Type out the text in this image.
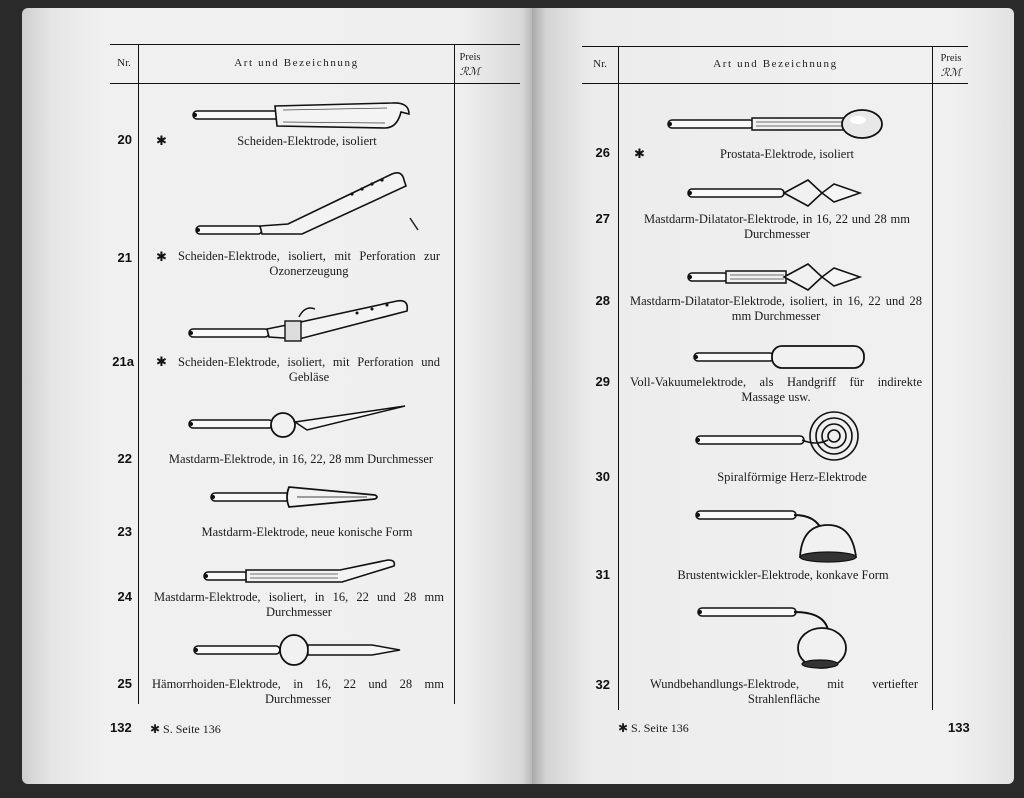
Nr.	Art und Bezeichnung	Preis
ℛℳ
20 ✱	Scheiden-Elektrode, isoliert
21 ✱ Scheiden-Elektrode, isoliert, mit Perforation zur Ozonerzeugung
21a ✱ Scheiden-Elektrode, isoliert, mit Perforation und Gebläse
22	Mastdarm-Elektrode, in 16, 22, 28 mm Durchmesser
23	Mastdarm-Elektrode, neue konische Form
24 Mastdarm-Elektrode, isoliert, in 16, 22 und 28 mm Durchmesser
25 Hämorrhoiden-Elektrode, in 16, 22 und 28 mm Durchmesser
132 ✱ S. Seite 136
Nr.	Art und Bezeichnung	Preis
ℛℳ
26 ✱	Prostata-Elektrode, isoliert
27	Mastdarm-Dilatator-Elektrode, in 16, 22 und 28 mm Durchmesser
28 Mastdarm-Dilatator-Elektrode, isoliert, in 16, 22 und 28 mm Durchmesser
29 Voll-Vakuumelektrode, als Handgriff für indirekte Massage usw.
30	Spiralförmige Herz-Elektrode
31	Brustentwickler-Elektrode, konkave Form
32	Wundbehandlungs-Elektrode, mit vertiefter Strahlenfläche
✱ S. Seite 136	133
